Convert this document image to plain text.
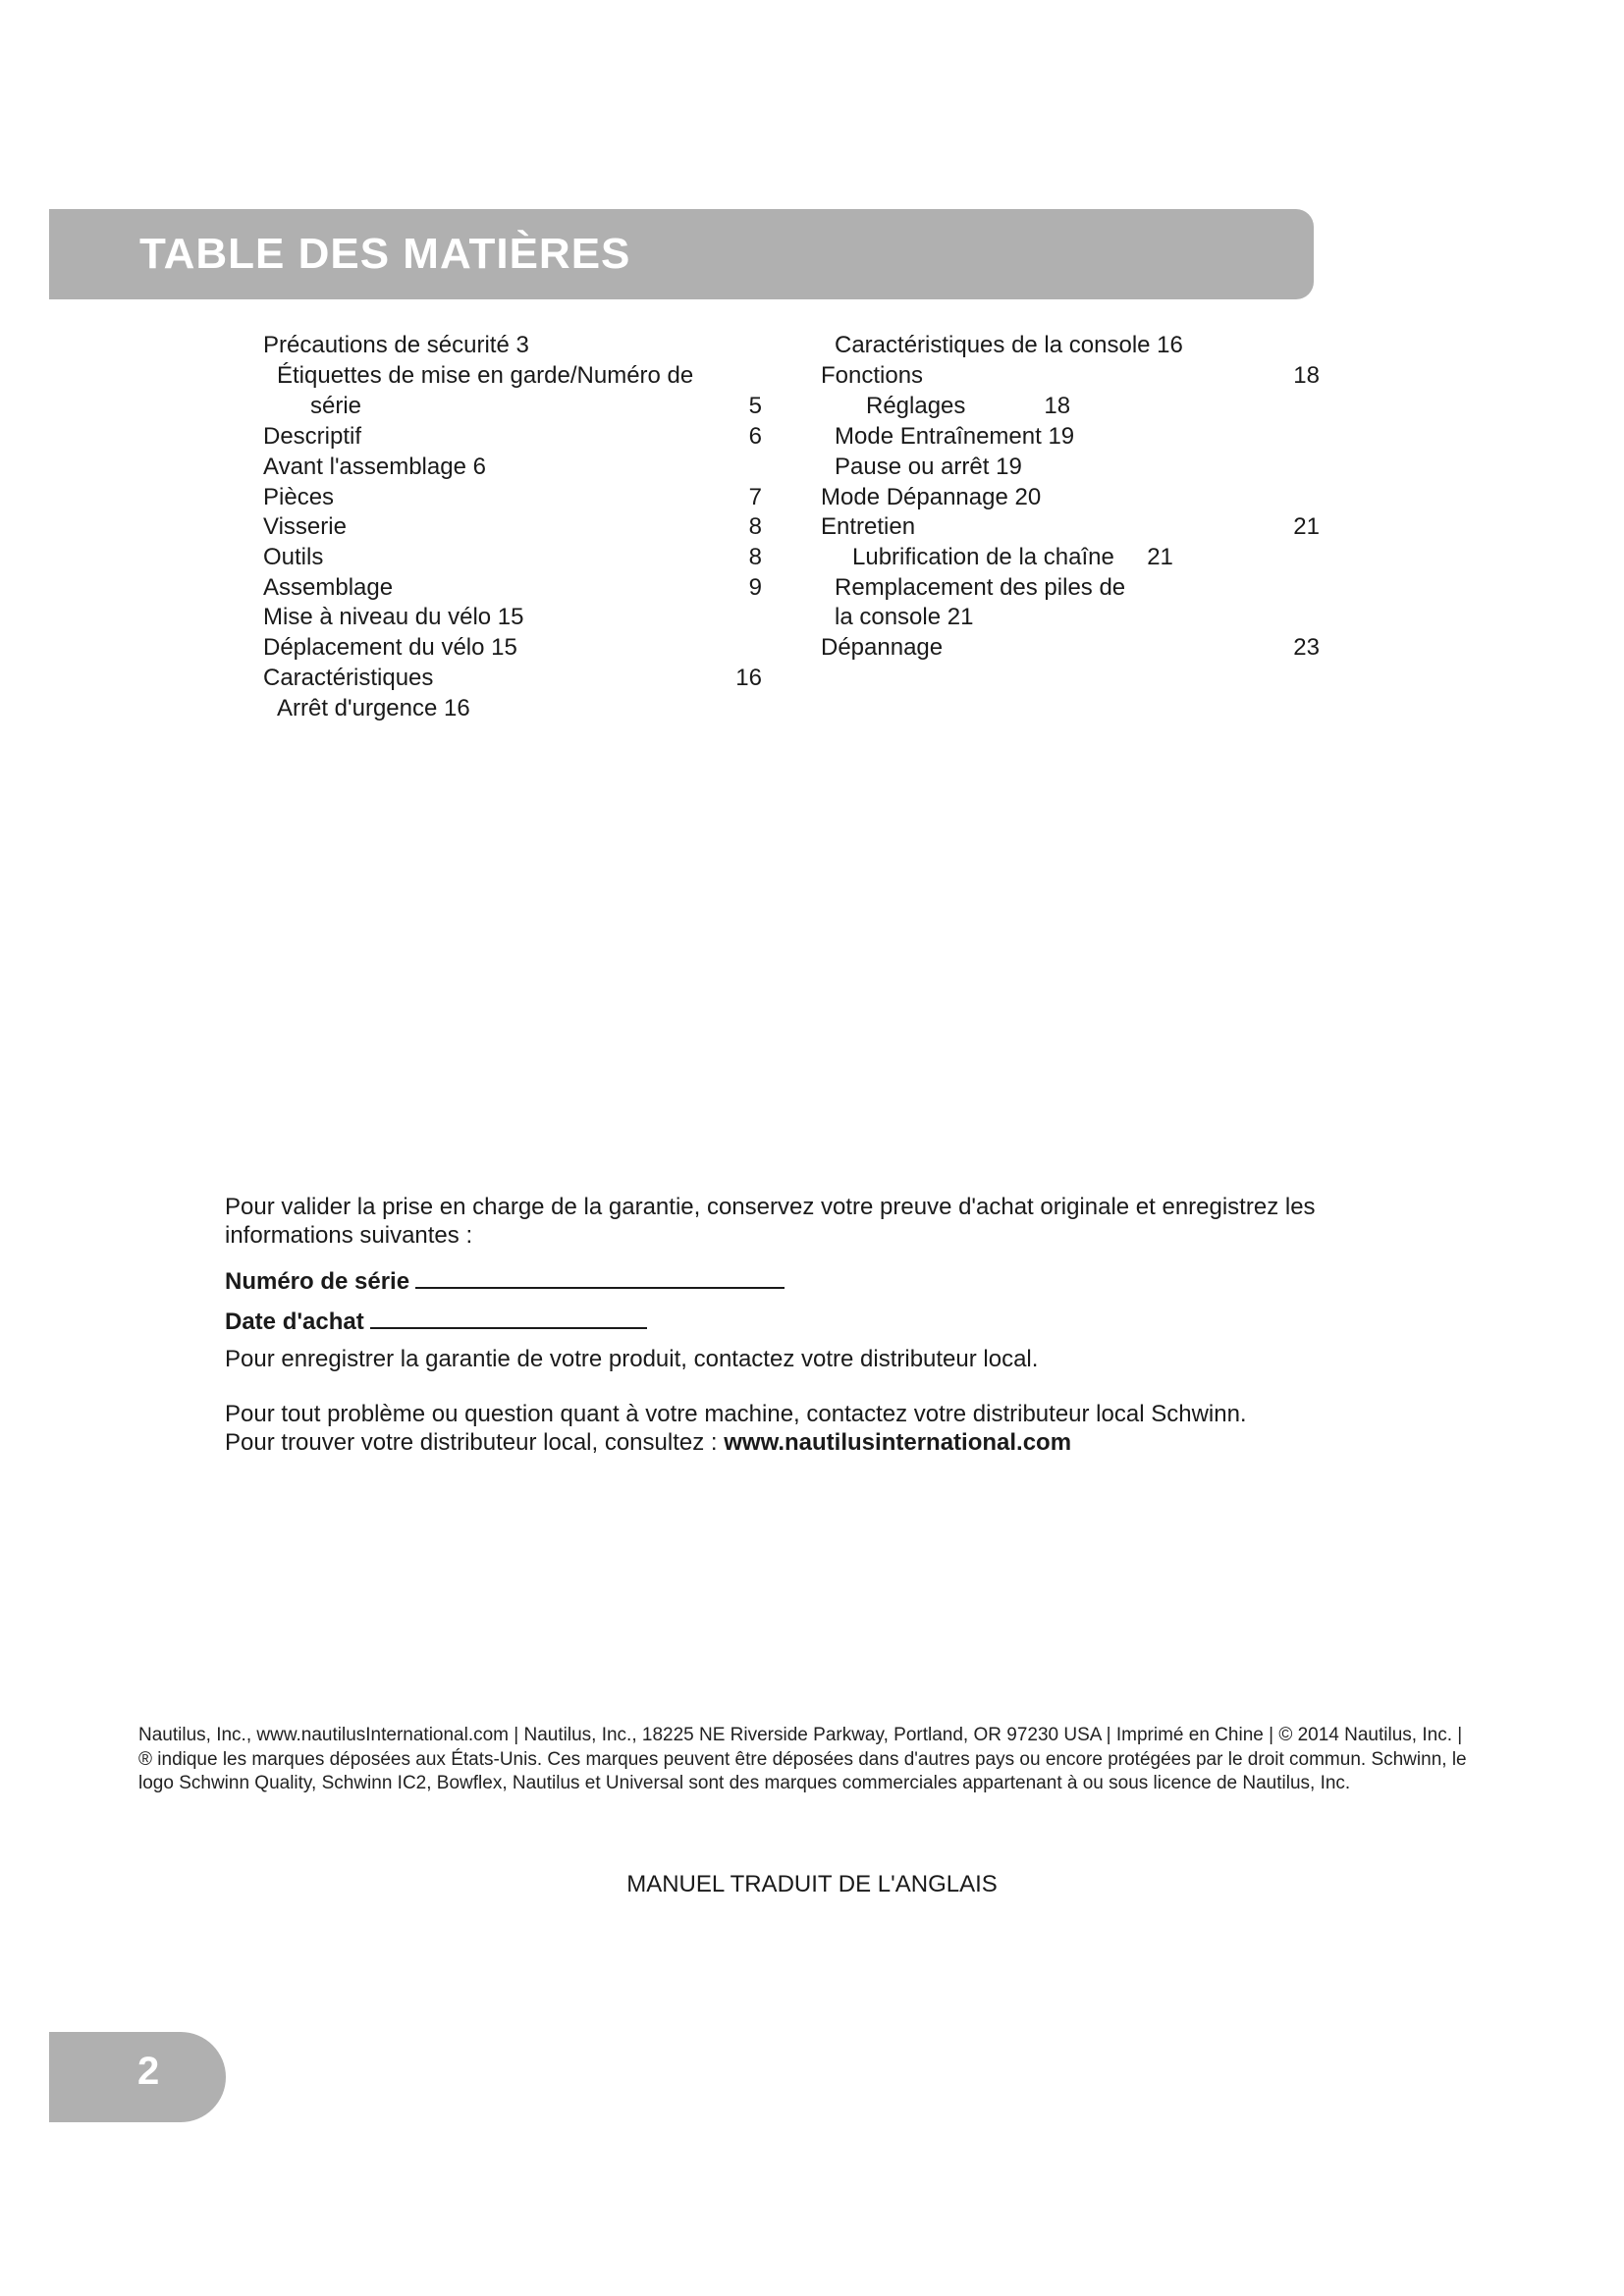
TABLE DES MATIÈRES
Précautions de sécurité 3
Étiquettes de mise en garde/Numéro de
série	5
Descriptif	6
Avant l'assemblage 6
Pièces	7
Visserie	8
Outils	8
Assemblage	9
Mise à niveau du vélo 15
Déplacement du vélo 15
Caractéristiques	16
Arrêt d'urgence 16
Caractéristiques de la console 16
Fonctions	18
Réglages            18
Mode Entraînement 19
Pause ou arrêt 19
Mode Dépannage 20
Entretien	21
Lubrification de la chaîne     21
Remplacement des piles de
la console 21
Dépannage	23
Pour valider la prise en charge de la garantie, conservez votre preuve d'achat originale et enregistrez les informations suivantes :
Numéro de série
Date d'achat
Pour enregistrer la garantie de votre produit, contactez votre distributeur local.
Pour tout problème ou question quant à votre machine, contactez votre distributeur local Schwinn.
Pour trouver votre distributeur local, consultez : www.nautilusinternational.com
Nautilus, Inc., www.nautilusInternational.com | Nautilus, Inc., 18225 NE Riverside Parkway, Portland, OR 97230 USA | Imprimé en Chine | © 2014 Nautilus, Inc. | ® indique les marques déposées aux États-Unis. Ces marques peuvent être déposées dans d'autres pays ou encore protégées par le droit commun. Schwinn, le logo Schwinn Quality, Schwinn IC2, Bowflex, Nautilus et Universal sont des marques commerciales appartenant à ou sous licence de Nautilus, Inc.
MANUEL TRADUIT DE L'ANGLAIS
2
